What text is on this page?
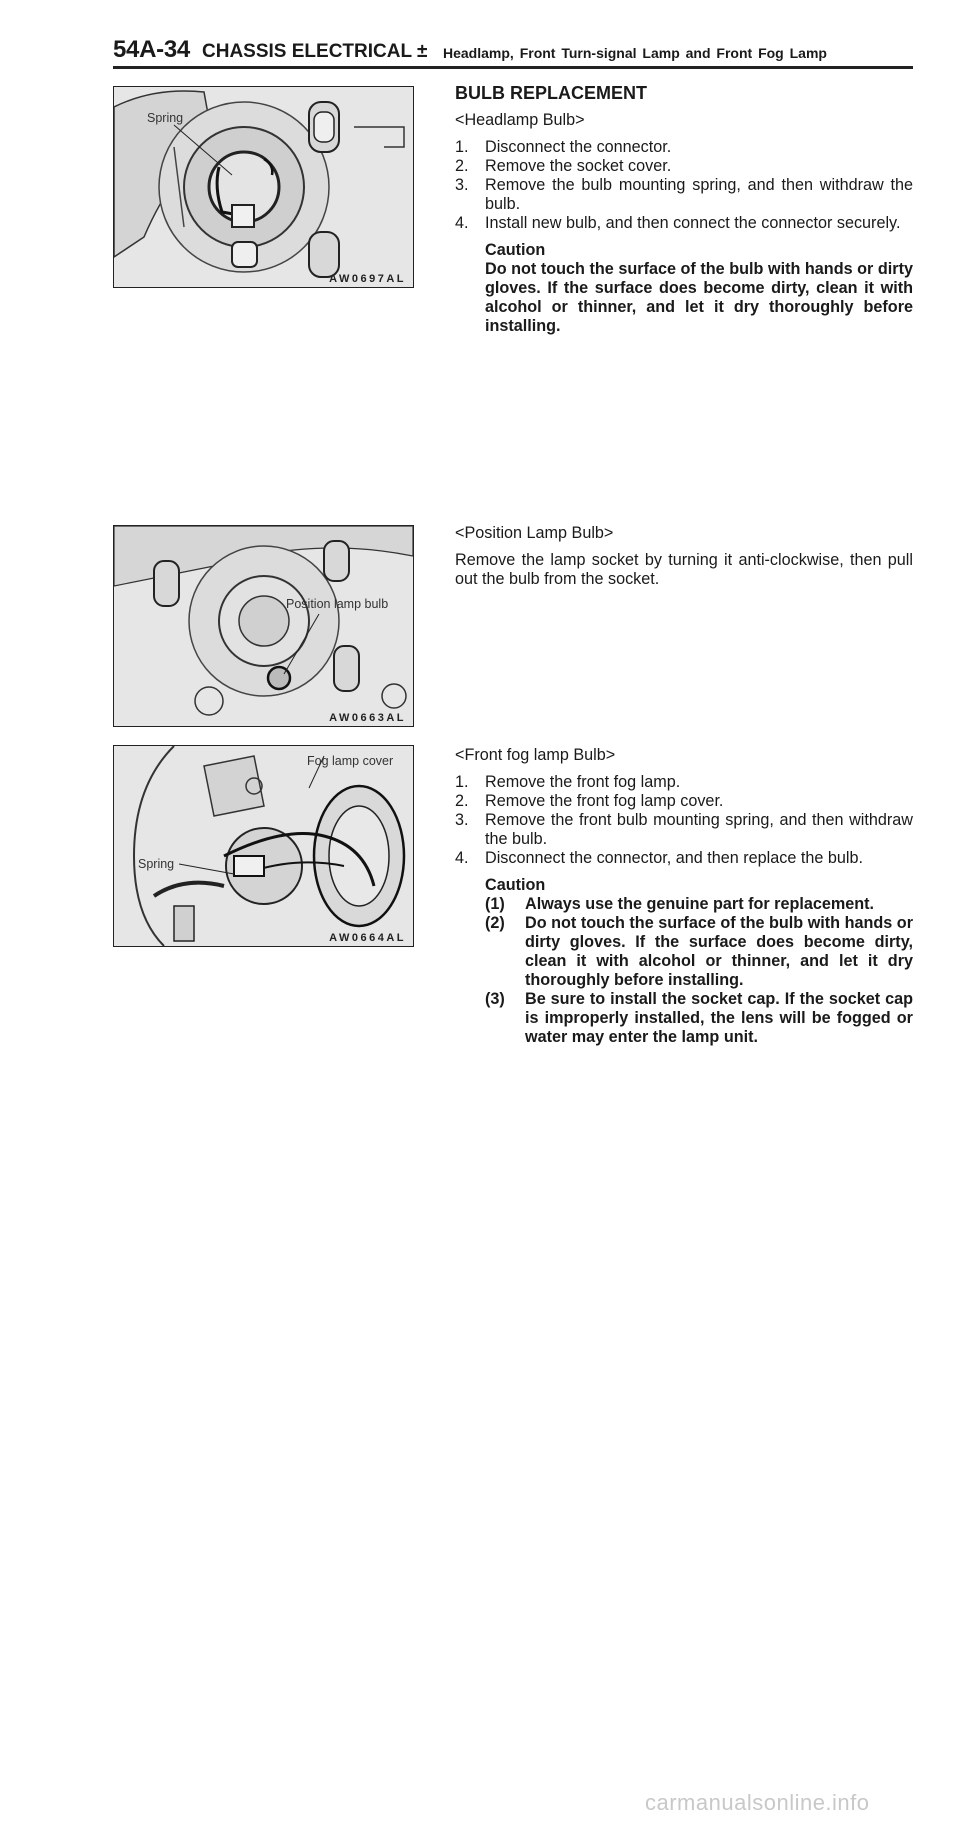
54A-34 CHASSIS ELECTRICAL ± Headlamp, Front Turn-signal Lamp and Front Fog Lamp
Spring
AW0697AL
Position lamp bulb
AW0663AL
Fog lamp cover
Spring
AW0664AL
BULB REPLACEMENT
<Headlamp Bulb>
1. Disconnect the connector.
2. Remove the socket cover.
3. Remove the bulb mounting spring, and then withdraw the bulb.
4. Install new bulb, and then connect the connector securely.
Caution
Do not touch the surface of the bulb with hands or dirty gloves. If the surface does become dirty, clean it with alcohol or thinner, and let it dry thoroughly before installing.
<Position Lamp Bulb>
Remove the lamp socket by turning it anti-clockwise, then pull out the bulb from the socket.
<Front fog lamp Bulb>
1. Remove the front fog lamp.
2. Remove the front fog lamp cover.
3. Remove the front bulb mounting spring, and then withdraw the bulb.
4. Disconnect the connector, and then replace the bulb.
Caution
(1) Always use the genuine part for replacement.
(2) Do not touch the surface of the bulb with hands or dirty gloves. If the surface does become dirty, clean it with alcohol or thinner, and let it dry thoroughly before installing.
(3) Be sure to install the socket cap. If the socket cap is improperly installed, the lens will be fogged or water may enter the lamp unit.
carmanualsonline.info
